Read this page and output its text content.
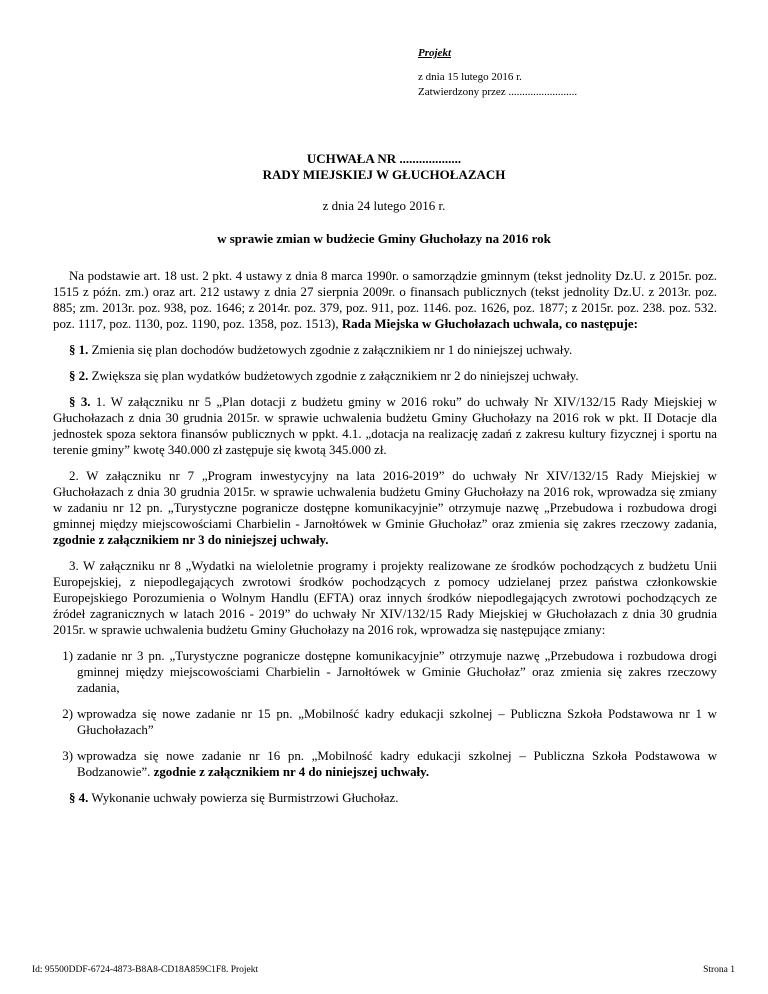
Projekt
z dnia 15 lutego 2016 r.
Zatwierdzony przez .........................
UCHWAŁA NR ...................
RADY MIEJSKIEJ W GŁUCHOŁAZACH
z dnia 24 lutego 2016 r.
w sprawie zmian w budżecie Gminy Głuchołazy na 2016 rok

Na podstawie art. 18 ust. 2 pkt. 4 ustawy z dnia 8 marca 1990r. o samorządzie gminnym (tekst jednolity Dz.U. z 2015r. poz. 1515 z późn. zm.) oraz art. 212 ustawy z dnia 27 sierpnia 2009r. o finansach publicznych (tekst jednolity Dz.U. z 2013r. poz. 885; zm. 2013r. poz. 938, poz. 1646; z 2014r. poz. 379, poz. 911, poz. 1146. poz. 1626, poz. 1877; z 2015r. poz. 238. poz. 532. poz. 1117, poz. 1130, poz. 1190, poz. 1358, poz. 1513), Rada Miejska w Głuchołazach uchwala, co następuje:

§ 1. Zmienia się plan dochodów budżetowych zgodnie z załącznikiem nr 1 do niniejszej uchwały.

§ 2. Zwiększa się plan wydatków budżetowych zgodnie z załącznikiem nr 2 do niniejszej uchwały.

§ 3. 1. W załączniku nr 5 „Plan dotacji z budżetu gminy w 2016 roku” do uchwały Nr XIV/132/15 Rady Miejskiej w Głuchołazach z dnia 30 grudnia 2015r. w sprawie uchwalenia budżetu Gminy Głuchołazy na 2016 rok w pkt. II Dotacje dla jednostek spoza sektora finansów publicznych w ppkt. 4.1. „dotacja na realizację zadań z zakresu kultury fizycznej i sportu na terenie gminy” kwotę 340.000 zł zastępuje się kwotą 345.000 zł.

2. W załączniku nr 7 „Program inwestycyjny na lata 2016-2019” do uchwały Nr XIV/132/15 Rady Miejskiej w Głuchołazach z dnia 30 grudnia 2015r. w sprawie uchwalenia budżetu Gminy Głuchołazy na 2016 rok, wprowadza się zmiany w zadaniu nr 12 pn. „Turystyczne pogranicze dostępne komunikacyjnie” otrzymuje nazwę „Przebudowa i rozbudowa drogi gminnej między miejscowościami Charbielin - Jarnołtówek w Gminie Głuchołaz” oraz zmienia się zakres rzeczowy zadania, zgodnie z załącznikiem nr 3 do niniejszej uchwały.

3. W załączniku nr 8 „Wydatki na wieloletnie programy i projekty realizowane ze środków pochodzących z budżetu Unii Europejskiej, z niepodlegających zwrotowi środków pochodzących z pomocy udzielanej przez państwa członkowskie Europejskiego Porozumienia o Wolnym Handlu (EFTA) oraz innych środków niepodlegających zwrotowi pochodzących ze źródeł zagranicznych w latach 2016 - 2019” do uchwały Nr XIV/132/15 Rady Miejskiej w Głuchołazach z dnia 30 grudnia 2015r. w sprawie uchwalenia budżetu Gminy Głuchołazy na 2016 rok, wprowadza się następujące zmiany:

1) zadanie nr 3 pn. „Turystyczne pogranicze dostępne komunikacyjnie” otrzymuje nazwę „Przebudowa i rozbudowa drogi gminnej między miejscowościami Charbielin - Jarnołtówek w Gminie Głuchołaz” oraz zmienia się zakres rzeczowy zadania,
2) wprowadza się nowe zadanie nr 15 pn. „Mobilność kadry edukacji szkolnej – Publiczna Szkoła Podstawowa nr 1 w Głuchołazach”
3) wprowadza się nowe zadanie nr 16 pn. „Mobilność kadry edukacji szkolnej – Publiczna Szkoła Podstawowa w Bodzanowie”. zgodnie z załącznikiem nr 4 do niniejszej uchwały.

§ 4. Wykonanie uchwały powierza się Burmistrzowi Głuchołaz.

Id: 95500DDF-6724-4873-B8A8-CD18A859C1F8. Projekt	Strona 1
